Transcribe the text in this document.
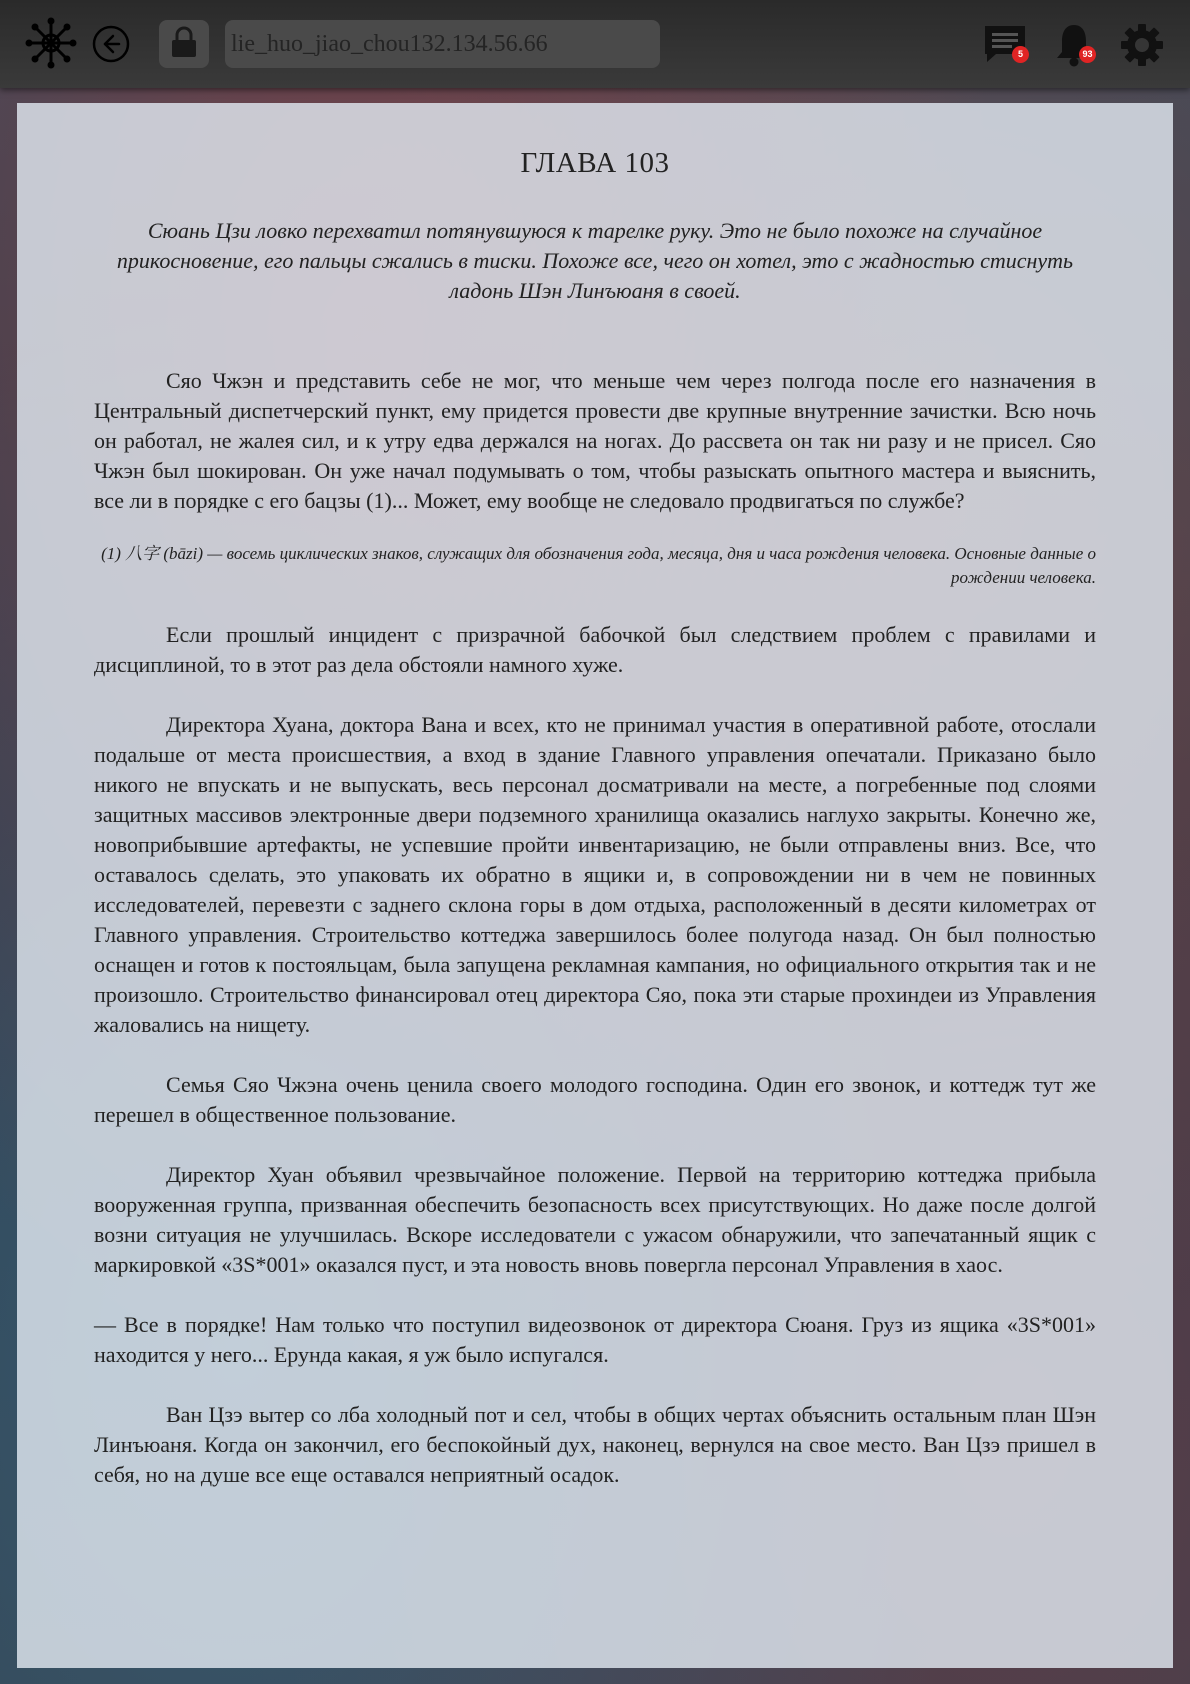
lie_huo_jiao_chou132.134.56.66	5	93
ГЛАВА 103

Сюань Цзи ловко перехватил потянувшуюся к тарелке руку. Это не было похоже на случайное прикосновение, его пальцы сжались в тиски. Похоже все, чего он хотел, это с жадностью стиснуть ладонь Шэн Линъюаня в своей.

Сяо Чжэн и представить себе не мог, что меньше чем через полгода после его назначения в Центральный диспетчерский пункт, ему придется провести две крупные внутренние зачистки. Всю ночь он работал, не жалея сил, и к утру едва держался на ногах. До рассвета он так ни разу и не присел. Сяо Чжэн был шокирован. Он уже начал подумывать о том, чтобы разыскать опытного мастера и выяснить, все ли в порядке с его бацзы (1)... Может, ему вообще не следовало продвигаться по службе?

(1) 八字 (bāzi) — восемь циклических знаков, служащих для обозначения года, месяца, дня и часа рождения человека. Основные данные о рождении человека.

Если прошлый инцидент с призрачной бабочкой был следствием проблем с правилами и дисциплиной, то в этот раз дела обстояли намного хуже.

Директора Хуана, доктора Вана и всех, кто не принимал участия в оперативной работе, отослали подальше от места происшествия, а вход в здание Главного управления опечатали. Приказано было никого не впускать и не выпускать, весь персонал досматривали на месте, а погребенные под слоями защитных массивов электронные двери подземного хранилища оказались наглухо закрыты. Конечно же, новоприбывшие артефакты, не успевшие пройти инвентаризацию, не были отправлены вниз. Все, что оставалось сделать, это упаковать их обратно в ящики и, в сопровождении ни в чем не повинных исследователей, перевезти с заднего склона горы в дом отдыха, расположенный в десяти километрах от Главного управления. Строительство коттеджа завершилось более полугода назад. Он был полностью оснащен и готов к постояльцам, была запущена рекламная кампания, но официального открытия так и не произошло. Строительство финансировал отец директора Сяо, пока эти старые прохиндеи из Управления жаловались на нищету.

Семья Сяо Чжэна очень ценила своего молодого господина. Один его звонок, и коттедж тут же перешел в общественное пользование.

Директор Хуан объявил чрезвычайное положение. Первой на территорию коттеджа прибыла вооруженная группа, призванная обеспечить безопасность всех присутствующих. Но даже после долгой возни ситуация не улучшилась. Вскоре исследователи с ужасом обнаружили, что запечатанный ящик с маркировкой «3S*001» оказался пуст, и эта новость вновь повергла персонал Управления в хаос.

— Все в порядке! Нам только что поступил видеозвонок от директора Сюаня. Груз из ящика «3S*001» находится у него... Ерунда какая, я уж было испугался.

Ван Цзэ вытер со лба холодный пот и сел, чтобы в общих чертах объяснить остальным план Шэн Линъюаня. Когда он закончил, его беспокойный дух, наконец, вернулся на свое место. Ван Цзэ пришел в себя, но на душе все еще оставался неприятный осадок.
